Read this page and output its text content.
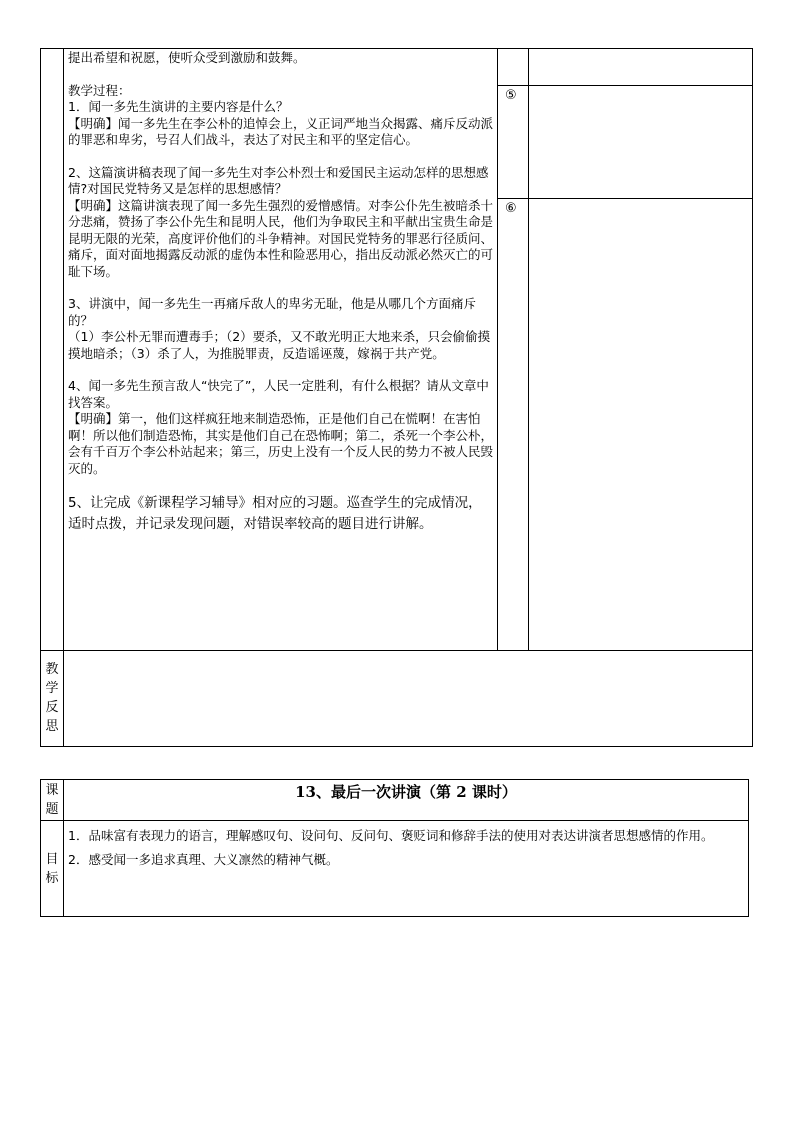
提出希望和祝愿，使听众受到激励和鼓舞。

教学过程：

1．闻一多先生演讲的主要内容是什么？

【明确】闻一多先生在李公朴的追悼会上，义正词严地当众揭露、痛斥反动派的罪恶和卑劣，号召人们战斗，表达了对民主和平的坚定信心。

2、这篇演讲稿表现了闻一多先生对李公朴烈士和爱国民主运动怎样的思想感情?对国民党特务又是怎样的思想感情？

【明确】这篇讲演表现了闻一多先生强烈的爱憎感情。对李公仆先生被暗杀十分悲痛，赞扬了李公仆先生和昆明人民，他们为争取民主和平献出宝贵生命是昆明无限的光荣，高度评价他们的斗争精神。对国民党特务的罪恶行径质问、痛斥，面对面地揭露反动派的虚伪本性和险恶用心，指出反动派必然灭亡的可耻下场。

3、讲演中，闻一多先生一再痛斥敌人的卑劣无耻，他是从哪几个方面痛斥的？

（1）李公朴无罪而遭毒手；（2）要杀，又不敢光明正大地来杀，只会偷偷摸摸地暗杀；（3）杀了人，为推脱罪责，反造谣诬蔑，嫁祸于共产党。

4、闻一多先生预言敌人“快完了”，人民一定胜利，有什么根据？请从文章中找答案。

【明确】第一，他们这样疯狂地来制造恐怖，正是他们自己在慌啊！在害怕啊！所以他们制造恐怖，其实是他们自己在恐怖啊；第二，杀死一个李公朴，会有千百万个李公朴站起来；第三，历史上没有一个反人民的势力不被人民毁灭的。

5、让完成《新课程学习辅导》相对应的习题。巡查学生的完成情况，适时点拨，并记录发现问题，对错误率较高的题目进行讲解。

⑤
⑥
教学反思
课题
13、最后一次讲演（第 2 课时）
目标

1．品味富有表现力的语言，理解感叹句、设问句、反问句、褒贬词和修辞手法的使用对表达讲演者思想感情的作用。

2．感受闻一多追求真理、大义凛然的精神气概。
